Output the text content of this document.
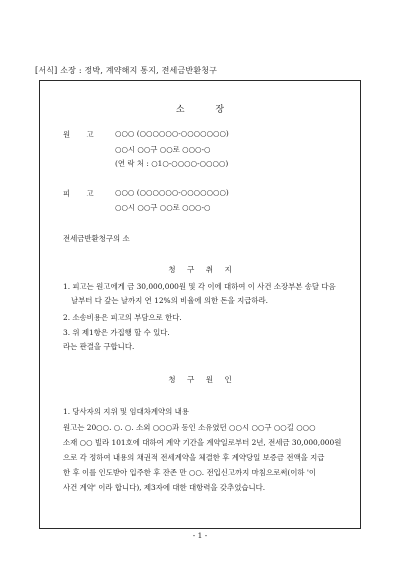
[서식] 소장 : 정박, 계약해지 통지, 전세금반환청구
소 장
원 고 ○○○ (○○○○○○-○○○○○○○)
○○시 ○○구 ○○로 ○○○-○
(연 락 처 : ○1○-○○○○-○○○○)
피 고 ○○○ (○○○○○○-○○○○○○○)
○○시 ○○구 ○○로 ○○○-○
전세금반환청구의 소
청 구 취 지
1. 피고는 원고에게 금 30,000,000원 및 각 이에 대하여 이 사건 소장부본 송달 다음
날부터 다 갚는 날까지 연 12%의 비율에 의한 돈을 지급하라.
2. 소송비용은 피고의 부담으로 한다.
3. 위 제1항은 가집행 할 수 있다.
라는 판결을 구합니다.
청 구 원 인
1. 당사자의 지위 및 임대차계약의 내용
원고는 20○○. ○. ○. 소외 ○○○과 동인 소유였던 ○○시 ○○구 ○○길 ○○○
소재 ○○ 빌라 101호에 대하여 계약 기간을 계약일로부터 2년, 전세금 30,000,000원
으로 각 정하여 내용의 채권적 전세계약을 체결한 후 계약당일 보증금 전액을 지급
한 후 이를 인도받아 입주한 후 잔존 만 ○○. 전입신고까지 마침으로써(이하 '이
사건 계약' 이라 합니다), 제3자에 대한 대항력을 갖추었습니다.
- 1 -
